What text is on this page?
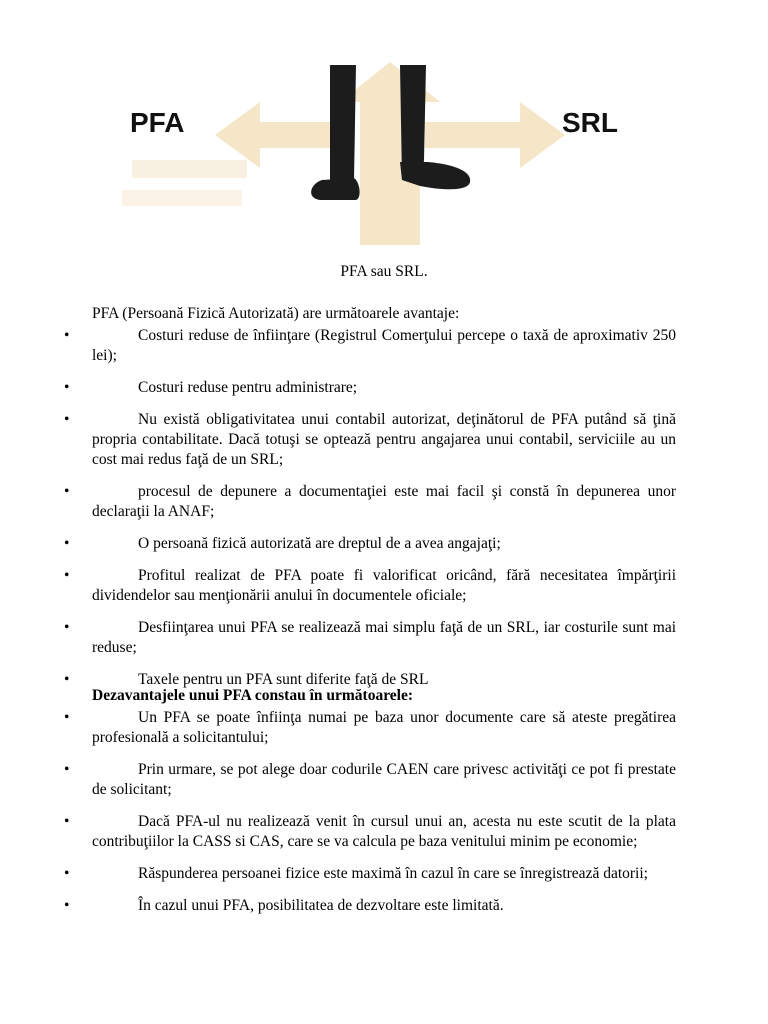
PFA	SRL
PFA sau SRL.
PFA (Persoană Fizică Autorizată) are următoarele avantaje:
•	Costuri reduse de înfiinţare (Registrul Comerţului percepe o taxă de aproximativ 250 lei);
•	Costuri reduse pentru administrare;
•	Nu există obligativitatea unui contabil autorizat, deţinătorul de PFA putând să ţină propria contabilitate. Dacă totuşi se optează pentru angajarea unui contabil, serviciile au un cost mai redus faţă de un SRL;
•	procesul de depunere a documentaţiei este mai facil şi constă în depunerea unor declaraţii la ANAF;
•	O persoană fizică autorizată are dreptul de a avea angajaţi;
•	Profitul realizat de PFA poate fi valorificat oricând, fără necesitatea împărţirii dividendelor sau menţionării anului în documentele oficiale;
•	Desfiinţarea unui PFA se realizează mai simplu faţă de un SRL, iar costurile sunt mai reduse;
•	Taxele pentru un PFA sunt diferite faţă de SRL
Dezavantajele unui PFA constau în următoarele:
•	Un PFA se poate înfiinţa numai pe baza unor documente care să ateste pregătirea profesională a solicitantului;
•	Prin urmare, se pot alege doar codurile CAEN care privesc activităţi ce pot fi prestate de solicitant;
•	Dacă PFA-ul nu realizează venit în cursul unui an, acesta nu este scutit de la plata contribuţiilor la CASS si CAS, care se va calcula pe baza venitului minim pe economie;
•	Răspunderea persoanei fizice este maximă în cazul în care se înregistrează datorii;
•	În cazul unui PFA, posibilitatea de dezvoltare este limitată.
